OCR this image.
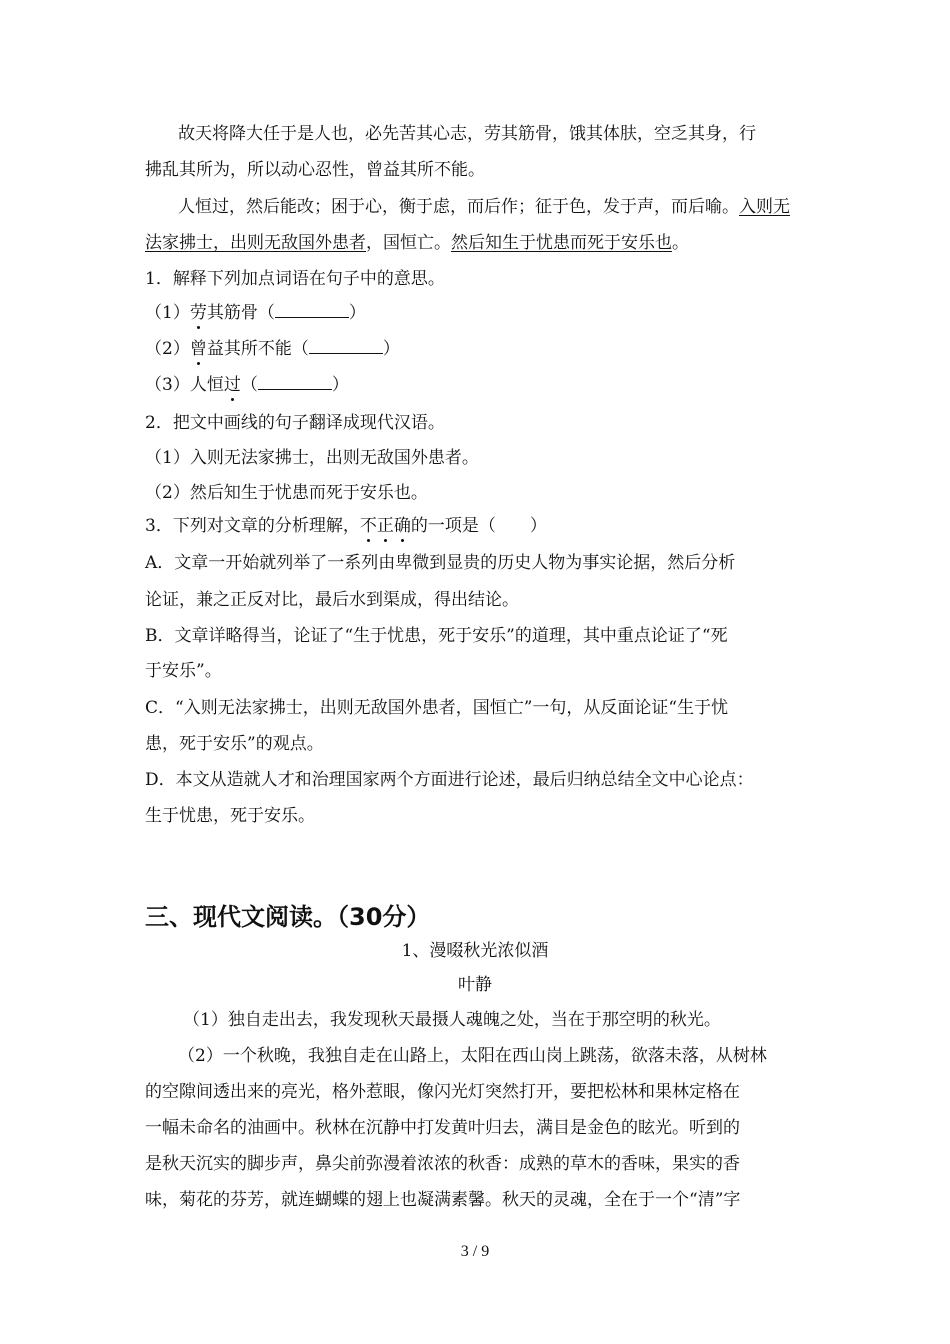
故天将降大任于是人也，必先苦其心志，劳其筋骨，饿其体肤，空乏其身，行
拂乱其所为，所以动心忍性，曾益其所不能。
人恒过，然后能改；困于心，衡于虑，而后作；征于色，发于声，而后喻。入则无
法家拂士，出则无敌国外患者，国恒亡。然后知生于忧患而死于安乐也。
1．解释下列加点词语在句子中的意思。
（1）劳其筋骨（	）
（2）曾益其所不能（	）
（3）人恒过（	）
2．把文中画线的句子翻译成现代汉语。
（1）入则无法家拂士，出则无敌国外患者。
（2）然后知生于忧患而死于安乐也。
3．下列对文章的分析理解，不正确的一项是（　　）
A．文章一开始就列举了一系列由卑微到显贵的历史人物为事实论据，然后分析
论证，兼之正反对比，最后水到渠成，得出结论。
B．文章详略得当，论证了“生于忧患，死于安乐”的道理，其中重点论证了“死
于安乐”。
C．“入则无法家拂士，出则无敌国外患者，国恒亡”一句，从反面论证“生于忧
患，死于安乐”的观点。
D．本文从造就人才和治理国家两个方面进行论述，最后归纳总结全文中心论点：
生于忧患，死于安乐。
三、现代文阅读。（30分）
1、漫啜秋光浓似酒
叶静
（1）独自走出去，我发现秋天最摄人魂魄之处，当在于那空明的秋光。
（2）一个秋晚，我独自走在山路上，太阳在西山岗上跳荡，欲落未落，从树林
的空隙间透出来的亮光，格外惹眼，像闪光灯突然打开，要把松林和果林定格在
一幅未命名的油画中。秋林在沉静中打发黄叶归去，满目是金色的眩光。听到的
是秋天沉实的脚步声，鼻尖前弥漫着浓浓的秋香：成熟的草木的香味，果实的香
味，菊花的芬芳，就连蝴蝶的翅上也凝满素馨。秋天的灵魂，全在于一个“清”字
3 / 9
